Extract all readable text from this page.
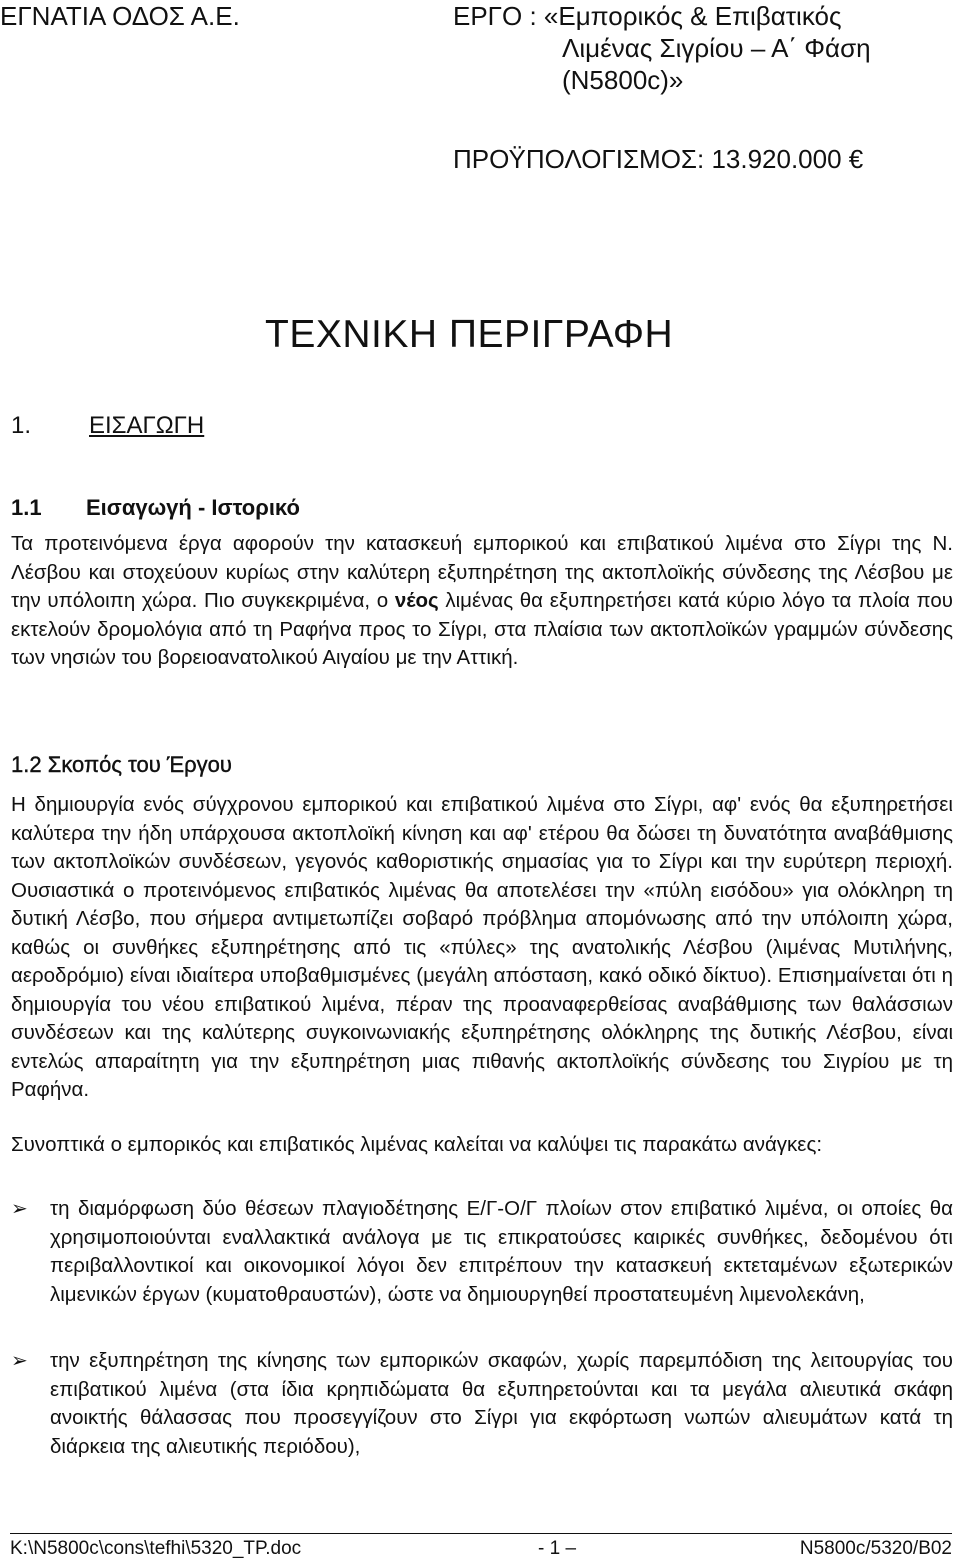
ΕΓΝΑΤΙΑ ΟΔΟΣ Α.Ε.	ΕΡΓΟ : «Εμπορικός & Επιβατικός
Λιμένας Σιγρίου – Α΄ Φάση
(Ν5800c)»
ΠΡΟΫΠΟΛΟΓΙΣΜΟΣ: 13.920.000 €
ΤΕΧΝΙΚΗ ΠΕΡΙΓΡΑΦΗ
1. ΕΙΣΑΓΩΓΗ
1.1 Εισαγωγή - Ιστορικό

Τα προτεινόμενα έργα αφορούν την κατασκευή εμπορικού και επιβατικού λιμένα στο Σίγρι της Ν. Λέσβου και στοχεύουν κυρίως στην καλύτερη εξυπηρέτηση της ακτοπλοϊκής σύνδεσης της Λέσβου με την υπόλοιπη χώρα. Πιο συγκεκριμένα, ο νέος λιμένας θα εξυπηρετήσει κατά κύριο λόγο τα πλοία που εκτελούν δρομολόγια από τη Ραφήνα προς το Σίγρι, στα πλαίσια των ακτοπλοϊκών γραμμών σύνδεσης των νησιών του βορειοανατολικού Αιγαίου με την Αττική.

1.2 Σκοπός του Έργου

Η δημιουργία ενός σύγχρονου εμπορικού και επιβατικού λιμένα στο Σίγρι, αφ' ενός θα εξυπηρετήσει καλύτερα την ήδη υπάρχουσα ακτοπλοϊκή κίνηση και αφ' ετέρου θα δώσει τη δυνατότητα αναβάθμισης των ακτοπλοϊκών συνδέσεων, γεγονός καθοριστικής σημασίας για το Σίγρι και την ευρύτερη περιοχή. Ουσιαστικά ο προτεινόμενος επιβατικός λιμένας θα αποτελέσει την «πύλη εισόδου» για ολόκληρη τη δυτική Λέσβο, που σήμερα αντιμετωπίζει σοβαρό πρόβλημα απομόνωσης από την υπόλοιπη χώρα, καθώς οι συνθήκες εξυπηρέτησης από τις «πύλες» της ανατολικής Λέσβου (λιμένας Μυτιλήνης, αεροδρόμιο) είναι ιδιαίτερα υποβαθμισμένες (μεγάλη απόσταση, κακό οδικό δίκτυο). Επισημαίνεται ότι η δημιουργία του νέου επιβατικού λιμένα, πέραν της προαναφερθείσας αναβάθμισης των θαλάσσιων συνδέσεων και της καλύτερης συγκοινωνιακής εξυπηρέτησης ολόκληρης της δυτικής Λέσβου, είναι εντελώς απαραίτητη για την εξυπηρέτηση μιας πιθανής ακτοπλοϊκής σύνδεσης του Σιγρίου με τη Ραφήνα.

Συνοπτικά ο εμπορικός και επιβατικός λιμένας καλείται να καλύψει τις παρακάτω ανάγκες:

➢ τη διαμόρφωση δύο θέσεων πλαγιοδέτησης Ε/Γ-Ο/Γ πλοίων στον επιβατικό λιμένα, οι οποίες θα χρησιμοποιούνται εναλλακτικά ανάλογα με τις επικρατούσες καιρικές συνθήκες, δεδομένου ότι περιβαλλοντικοί και οικονομικοί λόγοι δεν επιτρέπουν την κατασκευή εκτεταμένων εξωτερικών λιμενικών έργων (κυματοθραυστών), ώστε να δημιουργηθεί προστατευμένη λιμενολεκάνη,
➢ την εξυπηρέτηση της κίνησης των εμπορικών σκαφών, χωρίς παρεμπόδιση της λειτουργίας του επιβατικού λιμένα (στα ίδια κρηπιδώματα θα εξυπηρετούνται και τα μεγάλα αλιευτικά σκάφη ανοικτής θάλασσας που προσεγγίζουν στο Σίγρι για εκφόρτωση νωπών αλιευμάτων κατά τη διάρκεια της αλιευτικής περιόδου),
K:\N5800c\cons\tefhi\5320_TP.doc	- 1 –	N5800c/5320/B02
